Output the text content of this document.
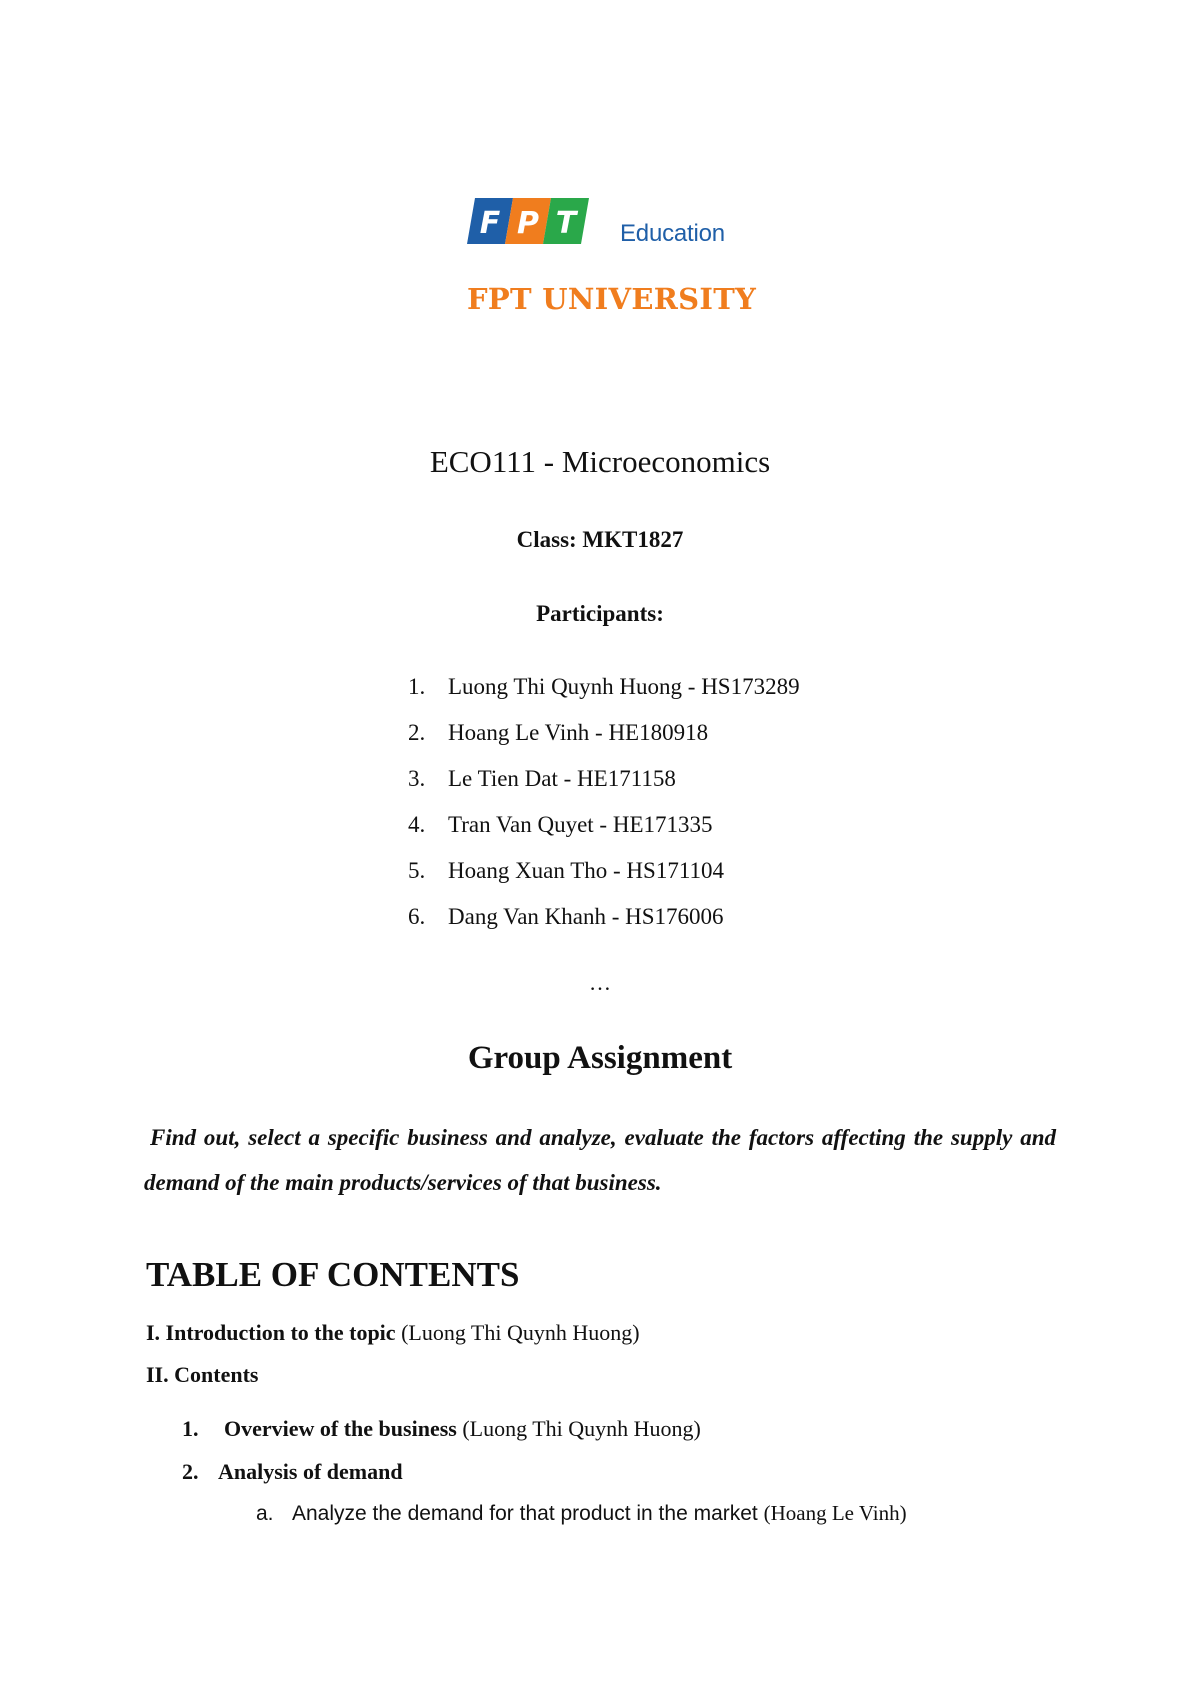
F P T Education
FPT UNIVERSITY
ECO111 - Microeconomics
Class: MKT1827
Participants:
1. Luong Thi Quynh Huong - HS173289
2. Hoang Le Vinh - HE180918
3. Le Tien Dat - HE171158
4. Tran Van Quyet - HE171335
5. Hoang Xuan Tho - HS171104
6. Dang Van Khanh - HS176006
…
Group Assignment
Find out, select a specific business and analyze, evaluate the factors affecting the supply and demand of the main products/services of that business.
TABLE OF CONTENTS
I. Introduction to the topic (Luong Thi Quynh Huong)
II. Contents
1. Overview of the business (Luong Thi Quynh Huong)
2. Analysis of demand
a. Analyze the demand for that product in the market (Hoang Le Vinh)
